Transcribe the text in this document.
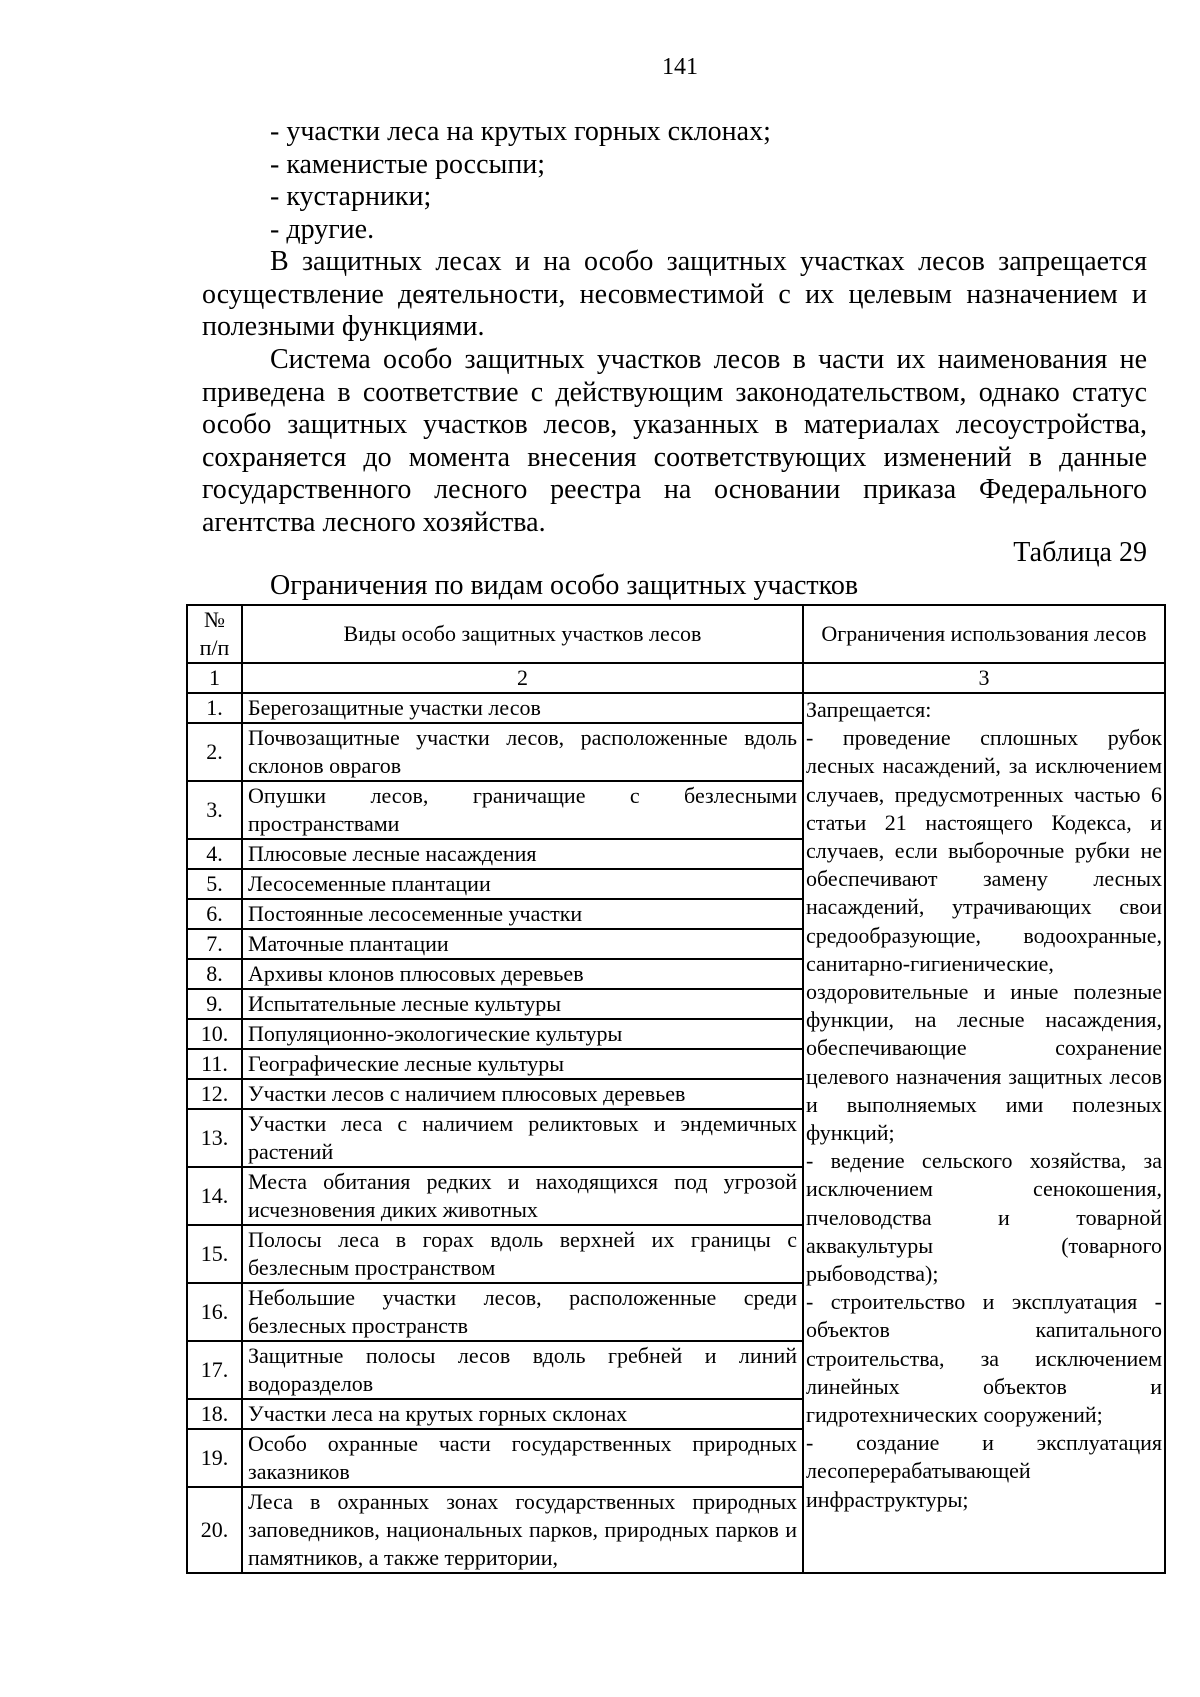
141
- участки леса на крутых горных склонах;
- каменистые россыпи;
- кустарники;
- другие.

В защитных лесах и на особо защитных участках лесов запрещается осуществление деятельности, несовместимой с их целевым назначением и полезными функциями.

Система особо защитных участков лесов в части их наименования не приведена в соответствие с действующим законодательством, однако статус особо защитных участков лесов, указанных в материалах лесоустройства, сохраняется до момента внесения соответствующих изменений в данные государственного лесного реестра на основании приказа Федерального агентства лесного хозяйства.

Таблица 29
Ограничения по видам особо защитных участков
№ п/п	Виды особо защитных участков лесов	Ограничения использования лесов
1	2	3
1.	Берегозащитные участки лесов	Запрещается:
- проведение сплошных рубок лесных насаждений, за исключением случаев, предусмотренных частью 6 статьи 21 настоящего Кодекса, и случаев, если выборочные рубки не обеспечивают замену лесных насаждений, утрачивающих свои средообразующие, водоохранные, санитарно-гигиенические, оздоровительные и иные полезные функции, на лесные насаждения, обеспечивающие сохранение целевого назначения защитных лесов и выполняемых ими полезных функций;
- ведение сельского хозяйства, за исключением сенокошения, пчеловодства и товарной аквакультуры (товарного рыбоводства);
- строительство и эксплуатация - объектов капитального строительства, за исключением линейных объектов и гидротехнических сооружений;
- создание и эксплуатация лесоперерабатывающей инфраструктуры;

2.	Почвозащитные участки лесов, расположенные вдоль склонов оврагов	
3.	Опушки лесов, граничащие с безлесными пространствами	
4.	Плюсовые лесные насаждения	
5.	Лесосеменные плантации	
6.	Постоянные лесосеменные участки	
7.	Маточные плантации	
8.	Архивы клонов плюсовых деревьев	
9.	Испытательные лесные культуры	
10.	Популяционно-экологические культуры	
11.	Географические лесные культуры	
12.	Участки лесов с наличием плюсовых деревьев	
13.	Участки леса с наличием реликтовых и эндемичных растений	
14.	Места обитания редких и находящихся под угрозой исчезновения диких животных	
15.	Полосы леса в горах вдоль верхней их границы с безлесным пространством	
16.	Небольшие участки лесов, расположенные среди безлесных пространств	
17.	Защитные полосы лесов вдоль гребней и линий водоразделов	
18.	Участки леса на крутых горных склонах	
19.	Особо охранные части государственных природных заказников	
20.	Леса в охранных зонах государственных природных заповедников, национальных парков, природных парков и памятников, а также территории,	
